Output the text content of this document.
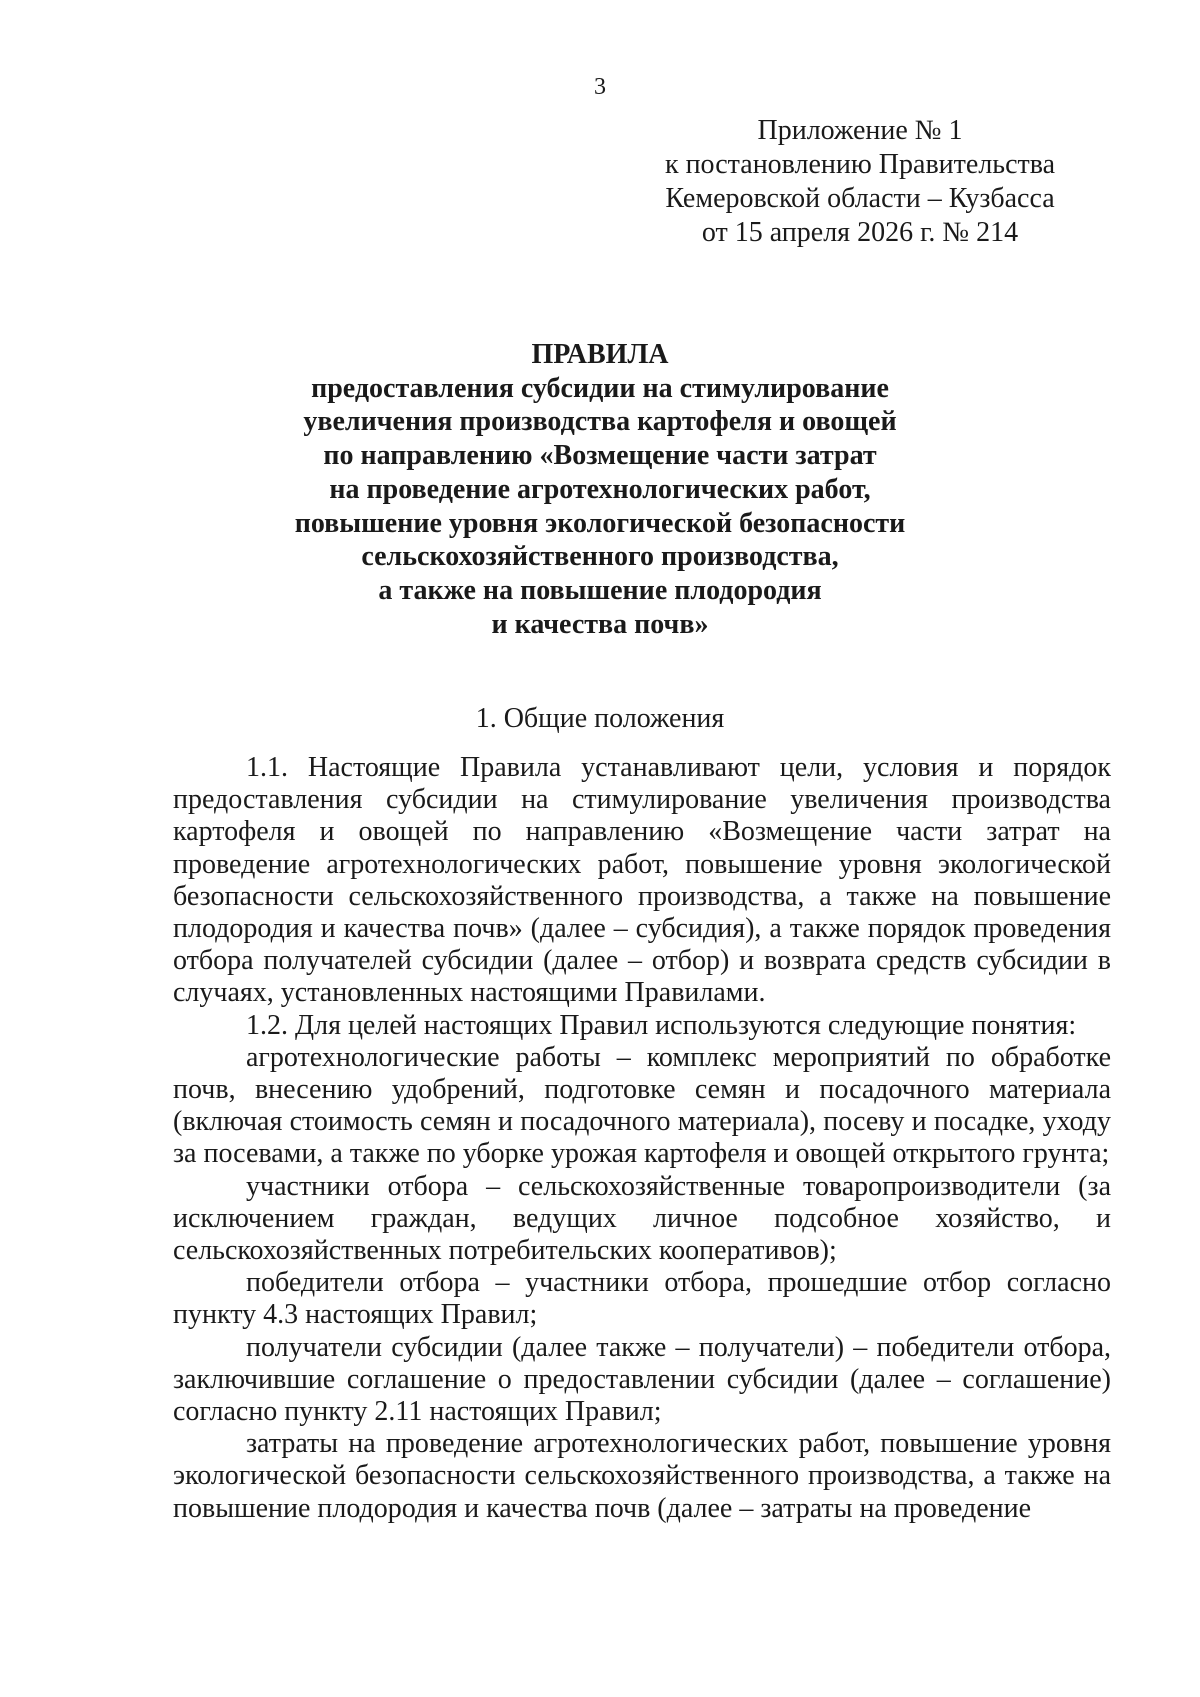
3
Приложение № 1
к постановлению Правительства
Кемеровской области – Кузбасса
от 15 апреля 2026 г. № 214
ПРАВИЛА
предоставления субсидии на стимулирование
увеличения производства картофеля и овощей
по направлению «Возмещение части затрат
на проведение агротехнологических работ,
повышение уровня экологической безопасности
сельскохозяйственного производства,
а также на повышение плодородия
и качества почв»
1. Общие положения

1.1. Настоящие Правила устанавливают цели, условия и порядок предоставления субсидии на стимулирование увеличения производства картофеля и овощей по направлению «Возмещение части затрат на проведение агротехнологических работ, повышение уровня экологической безопасности сельскохозяйственного производства, а также на повышение плодородия и качества почв» (далее – субсидия), а также порядок проведения отбора получателей субсидии (далее – отбор) и возврата средств субсидии в случаях, установленных настоящими Правилами.

1.2. Для целей настоящих Правил используются следующие понятия:

агротехнологические работы – комплекс мероприятий по обработке почв, внесению удобрений, подготовке семян и посадочного материала (включая стоимость семян и посадочного материала), посеву и посадке, уходу за посевами, а также по уборке урожая картофеля и овощей открытого грунта;

участники отбора – сельскохозяйственные товаропроизводители (за исключением граждан, ведущих личное подсобное хозяйство, и сельскохозяйственных потребительских кооперативов);

победители отбора – участники отбора, прошедшие отбор согласно пункту 4.3 настоящих Правил;

получатели субсидии (далее также – получатели) – победители отбора, заключившие соглашение о предоставлении субсидии (далее – соглашение) согласно пункту 2.11 настоящих Правил;

затраты на проведение агротехнологических работ, повышение уровня экологической безопасности сельскохозяйственного производства, а также на повышение плодородия и качества почв (далее – затраты на проведение
